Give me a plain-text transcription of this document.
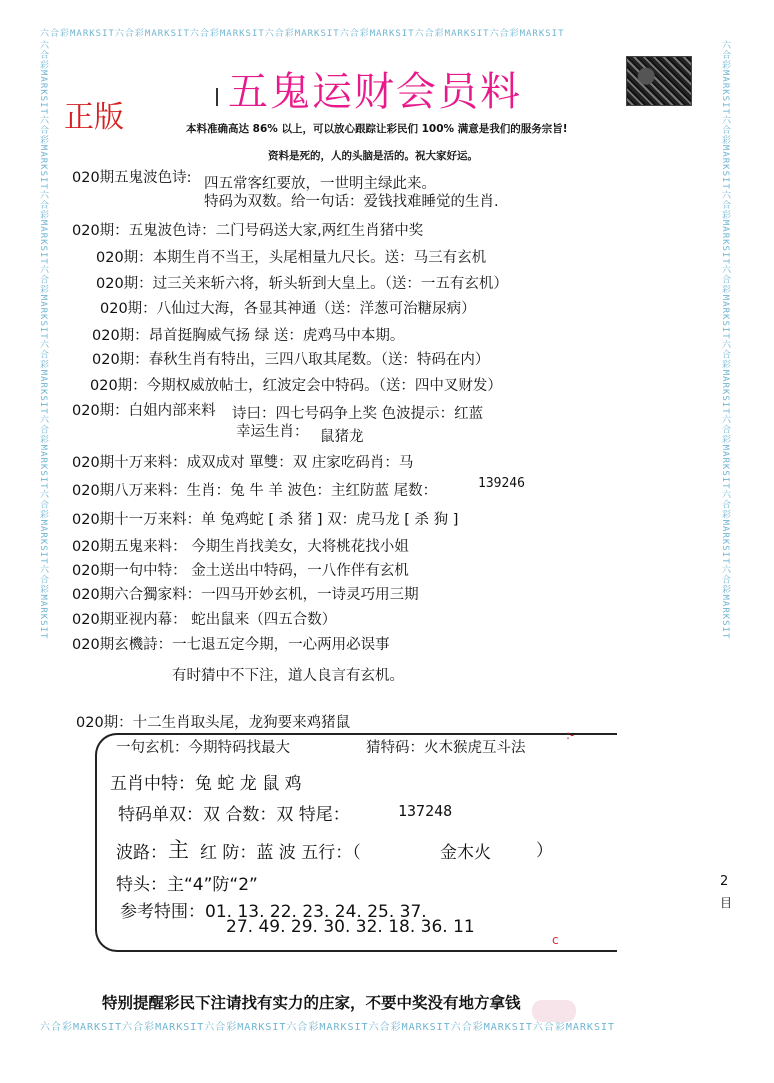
六合彩MARKSIT六合彩MARKSIT六合彩MARKSIT六合彩MARKSIT六合彩MARKSIT六合彩MARKSIT六合彩MARKSIT
六合彩MARKSIT六合彩MARKSIT六合彩MARKSIT六合彩MARKSIT六合彩MARKSIT六合彩MARKSIT六合彩MARKSIT
六合彩MARKSIT六合彩MARKSIT六合彩MARKSIT六合彩MARKSIT六合彩MARKSIT六合彩MARKSIT六合彩MARKSIT六合彩MARKSIT	六合彩MARKSIT六合彩MARKSIT六合彩MARKSIT六合彩MARKSIT六合彩MARKSIT六合彩MARKSIT六合彩MARKSIT六合彩MARKSIT
五鬼运财会员料
正版	本料准确高达 86% 以上，可以放心跟踪让彩民们 100% 满意是我们的服务宗旨!
资料是死的，人的头脑是活的。祝大家好运。
020期五鬼波色诗: 四五常客红要放，一世明主绿此来。
特码为双数。给一句话：爱钱找难睡觉的生肖.
020期：五鬼波色诗：二门号码送大家,两红生肖猪中奖
020期：本期生肖不当王，头尾相量九尺长。送：马三有玄机
020期：过三关来斩六将，斩头斩到大皇上。（送：一五有玄机）
020期：八仙过大海，各显其神通（送：洋葱可治糖尿病）
020期：昂首挺胸威气扬 绿 送：虎鸡马中本期。
020期：春秋生肖有特出，三四八取其尾数。（送：特码在内）
020期：今期权威放帖士，红波定会中特码。（送：四中叉财发）
020期：白姐内部来料 诗曰：四七号码争上奖 色波提示：红蓝
幸运生肖： 鼠猪龙
020期十万来料：成双成对 單雙：双 庄家吃码肖：马
020期八万来料：生肖：兔 牛 羊 波色：主红防蓝 尾数：	139246
020期十一万来料：单 兔鸡蛇 [ 杀 猪 ] 双：虎马龙 [ 杀 狗 ]
020期五鬼来料： 今期生肖找美女，大将桃花找小姐
020期一句中特： 金土送出中特码，一八作伴有玄机
020期六合獨家料：一四马开妙玄机，一诗灵巧用三期
020期亚视内幕： 蛇出鼠来（四五合数）
020期玄機詩：一七退五定今期，一心两用必误事
有时猜中不下注，道人良言有玄机。
020期：十二生肖取头尾，龙狗要来鸡猪鼠
一句玄机：今期特码找最大	猜特码：火木猴虎互斗法
:-
五肖中特：兔 蛇 龙 鼠 鸡
特码单双：双 合数：双 特尾：	137248
波路： 主 红 防：蓝 波 五行：（	金木火	）
特头：主“4”防“2”
参考特围：01. 13. 22. 23. 24. 25. 37.
27. 49. 29. 30. 32. 18. 36. 11
c
2
目
特别提醒彩民下注请找有实力的庄家，不要中奖没有地方拿钱
